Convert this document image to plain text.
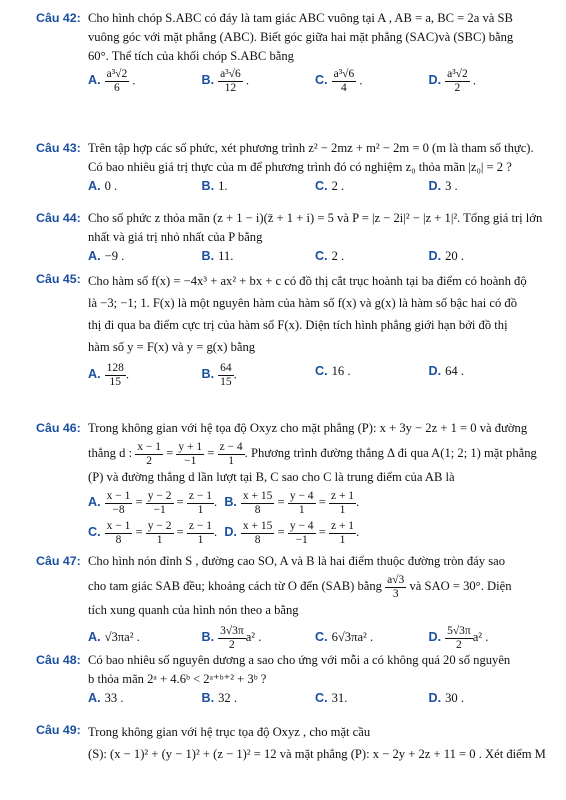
Câu 42: Cho hình chóp S.ABC có đáy là tam giác ABC vuông tại A , AB = a, BC = 2a và SB
vuông góc với mặt phẳng (ABC). Biết góc giữa hai mặt phẳng (SAC)và (SBC) bằng
60°. Thể tích của khối chóp S.ABC bằng
A. $\frac{\text{a³√2}}{6}$ .	B. $\frac{\text{a³√6}}{12}$ .	C. $\frac{\text{a³√6}}{4}$ .	D. $\frac{\text{a³√2}}{2}$ .
Câu 43: Trên tập hợp các số phức, xét phương trình z² − 2mz + m² − 2m = 0 (m là tham số thực).
Có bao nhiêu giá trị thực của m để phương trình đó có nghiệm z₀ thỏa mãn |z₀| = 2 ?
A. 0 .	B. 1.	C. 2 .	D. 3 .
Câu 44: Cho số phức z thỏa mãn (z + 1 − i)(z̄ + 1 + i) = 5 và P = |z − 2i|² − |z + 1|². Tổng giá trị lớn
nhất và giá trị nhỏ nhất của P bằng
A. −9 .	B. 11.	C. 2 .	D. 20 .
Câu 45: Cho hàm số f(x) = −4x³ + ax² + bx + c có đồ thị cắt trục hoành tại ba điểm có hoành độ
là −3; −1; 1. F(x) là một nguyên hàm của hàm số f(x) và g(x) là hàm số bậc hai có đồ
thị đi qua ba điểm cực trị của hàm số F(x). Diện tích hình phẳng giới hạn bởi đồ thị
hàm số y = F(x) và y = g(x) bằng
A. $\frac{128}{15}$ .	B. $\frac{64}{15}$ .	C. 16 .	D. 64 .
Câu 46: Trong không gian với hệ tọa độ Oxyz cho mặt phẳng (P): x + 3y − 2z + 1 = 0 và đường
thẳng d : $\frac{x - 1}{2} = \frac{y + 1}{-1} = \frac{z - 4}{1}$ . Phương trình đường thẳng Δ đi qua A(1; 2; 1) mặt phẳng
(P) và đường thẳng d lần lượt tại B, C sao cho C là trung điểm của AB là
A. $\frac{x - 1}{-8} = \frac{y - 2}{-1} = \frac{z - 1}{1}$ . B. $\frac{x + 15}{8} = \frac{y - 4}{1} = \frac{z + 1}{1}$ .
C. $\frac{x - 1}{8} = \frac{y - 2}{1} = \frac{z - 1}{1}$ . D. $\frac{x + 15}{8} = \frac{y - 4}{-1} = \frac{z + 1}{1}$ .
Câu 47: Cho hình nón đỉnh S , đường cao SO, A và B là hai điểm thuộc đường tròn đáy sao
cho tam giác SAB đều; khoảng cách từ O đến (SAB) bằng $\frac{a√3}{3}$ và SAO = 30°. Diện
tích xung quanh của hình nón theo a bằng
A. √3πa² .	B. $\frac{3√3\pi}{2} a^2$ .	C. 6√3πa² .	D. $\frac{5√3\pi}{2} a^2$ .
Câu 48: Có bao nhiêu số nguyên dương a sao cho ứng với mỗi a có không quá 20 số nguyên
b thỏa mãn 2ᵃ + 4.6ᵇ < 2ᵃ⁺ᵇ⁺² + 3ᵇ ?
A. 33 .	B. 32 .	C. 31.	D. 30 .
Câu 49: Trong không gian với hệ trục tọa độ Oxyz , cho mặt cầu
(S): (x − 1)² + (y − 1)² + (z − 1)² = 12 và mặt phẳng (P): x − 2y + 2z + 11 = 0 . Xét điểm M
